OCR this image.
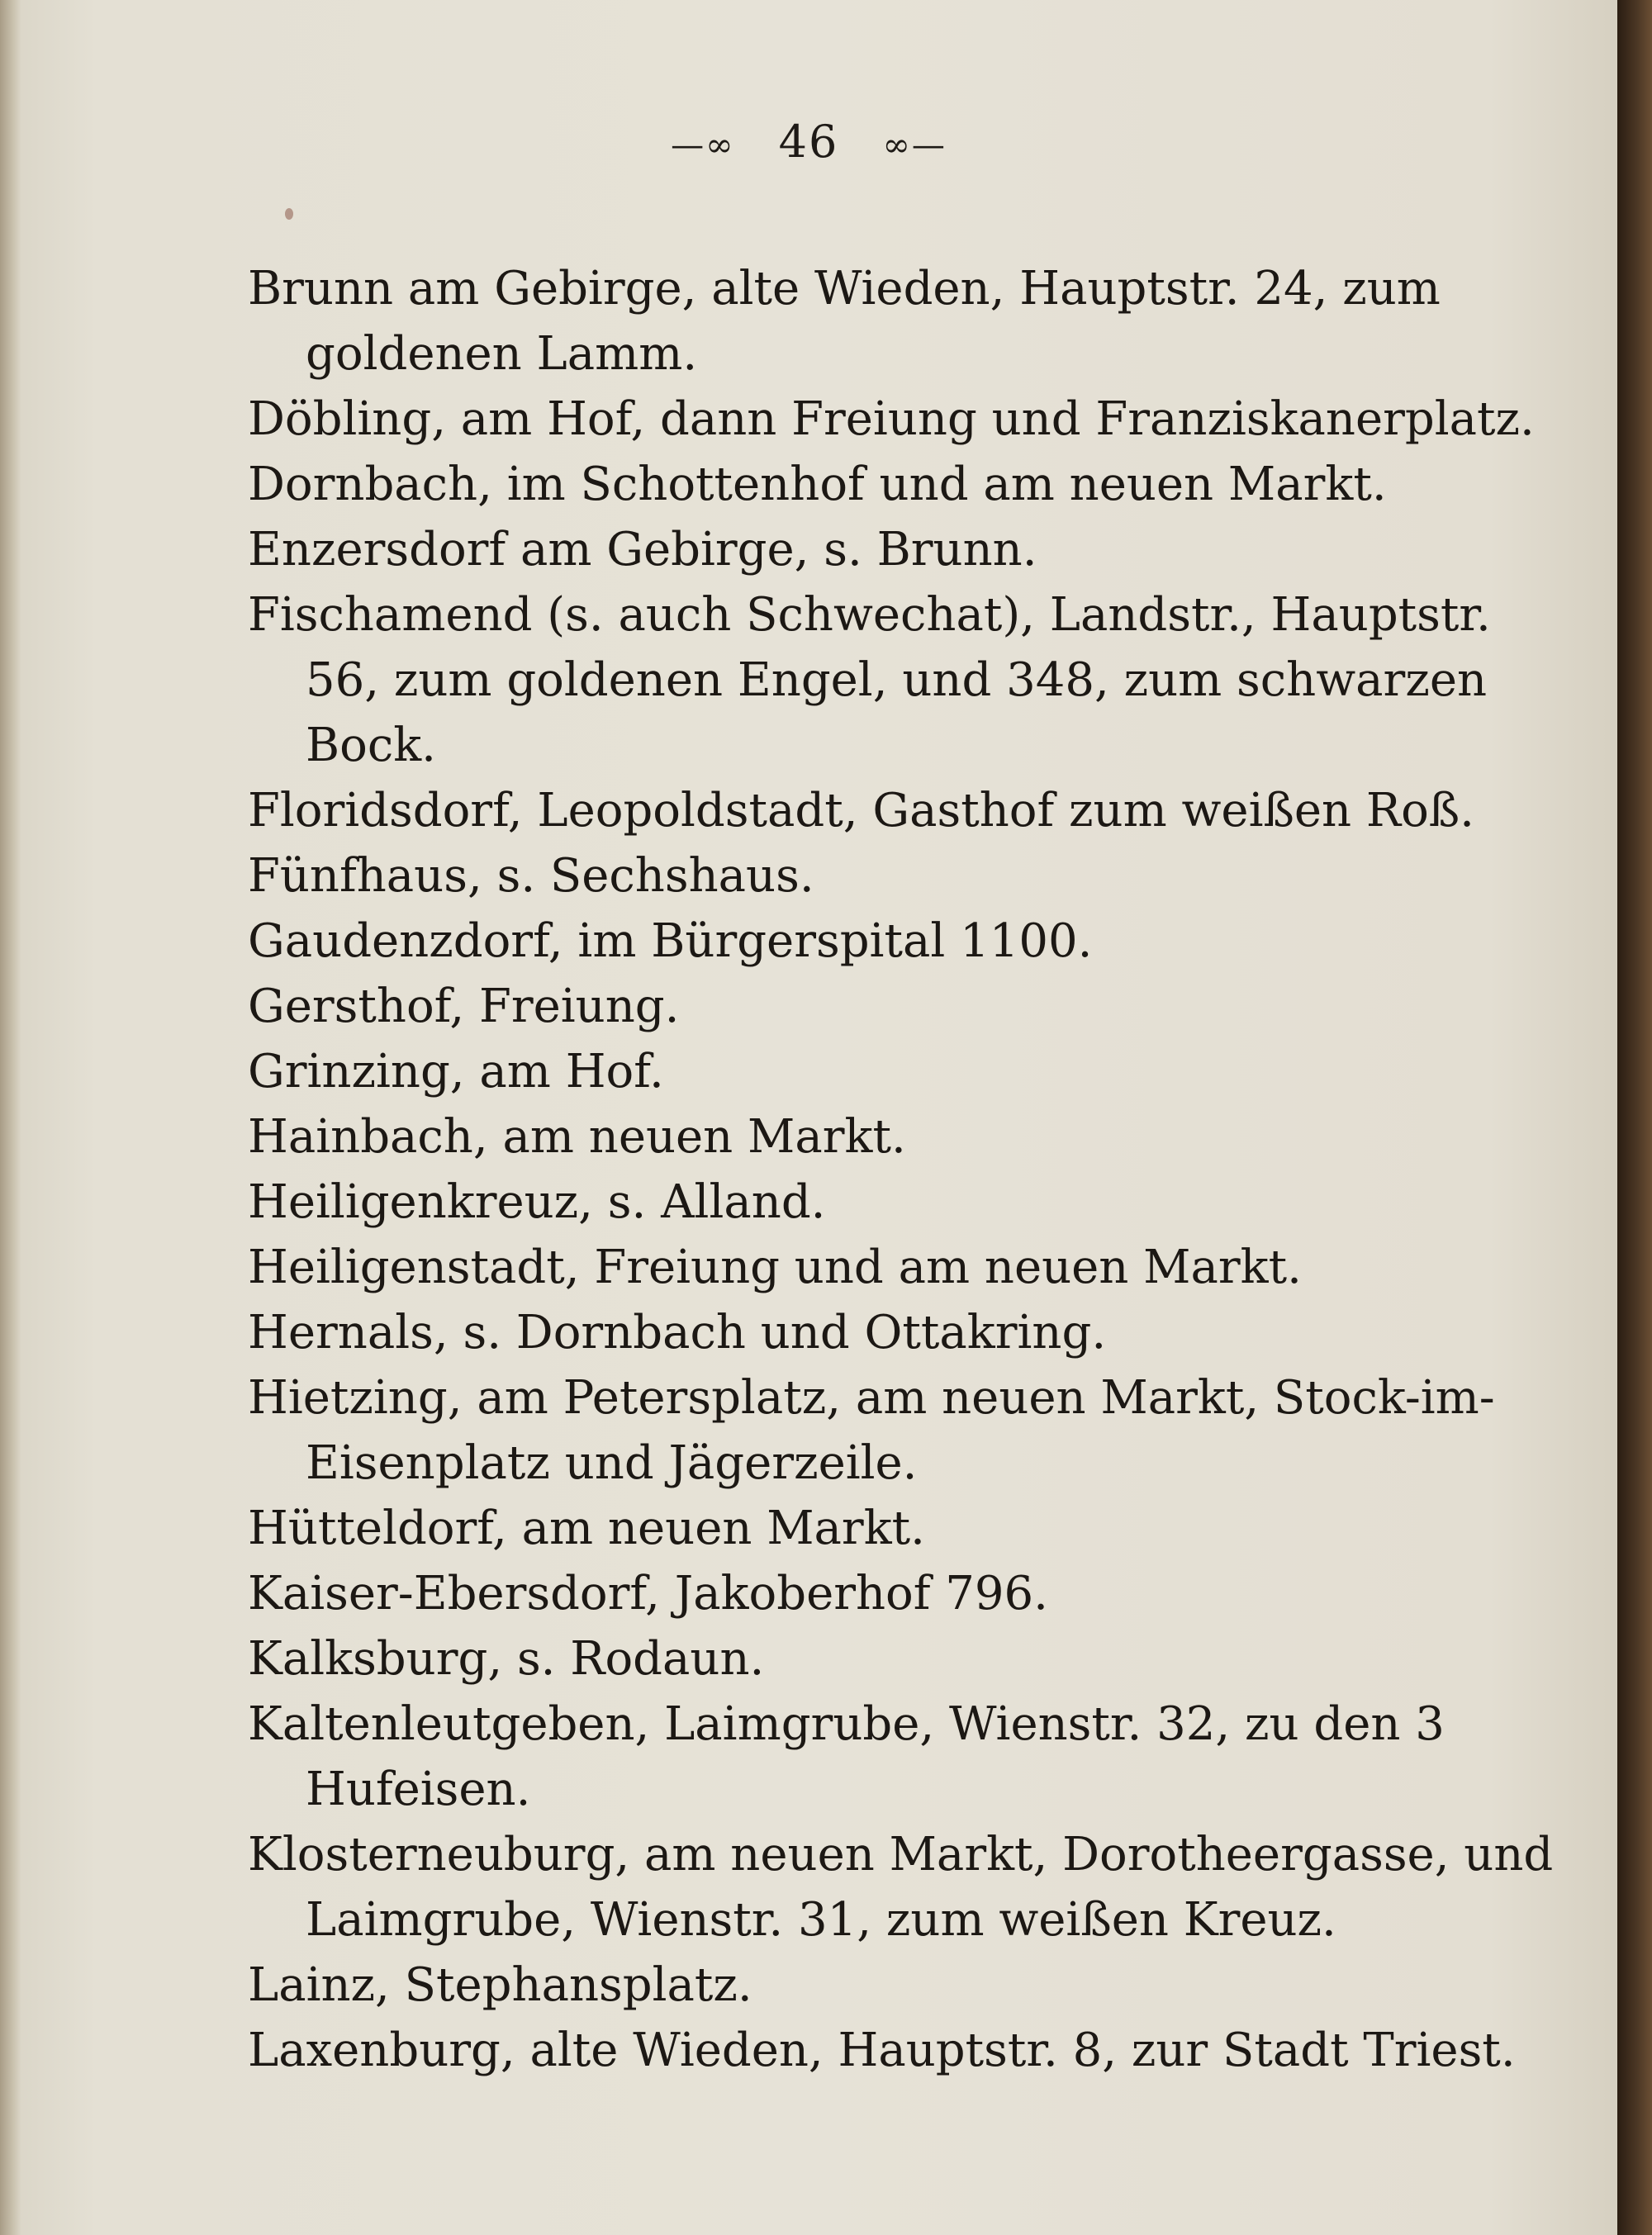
—∞ 46 ∞—
Brunn am Gebirge, alte Wieden, Hauptstr. 24, zum goldenen Lamm.
Döbling, am Hof, dann Freiung und Franziskanerplatz.
Dornbach, im Schottenhof und am neuen Markt.
Enzersdorf am Gebirge, s. Brunn.
Fischamend (s. auch Schwechat), Landstr., Hauptstr. 56, zum goldenen Engel, und 348, zum schwarzen Bock.
Floridsdorf, Leopoldstadt, Gasthof zum weißen Roß.
Fünfhaus, s. Sechshaus.
Gaudenzdorf, im Bürgerspital 1100.
Gersthof, Freiung.
Grinzing, am Hof.
Hainbach, am neuen Markt.
Heiligenkreuz, s. Alland.
Heiligenstadt, Freiung und am neuen Markt.
Hernals, s. Dornbach und Ottakring.
Hietzing, am Petersplatz, am neuen Markt, Stock-im-Eisenplatz und Jägerzeile.
Hütteldorf, am neuen Markt.
Kaiser-Ebersdorf, Jakoberhof 796.
Kalksburg, s. Rodaun.
Kaltenleutgeben, Laimgrube, Wienstr. 32, zu den 3 Hufeisen.
Klosterneuburg, am neuen Markt, Dorotheergasse, und Laimgrube, Wienstr. 31, zum weißen Kreuz.
Lainz, Stephansplatz.
Laxenburg, alte Wieden, Hauptstr. 8, zur Stadt Triest.
